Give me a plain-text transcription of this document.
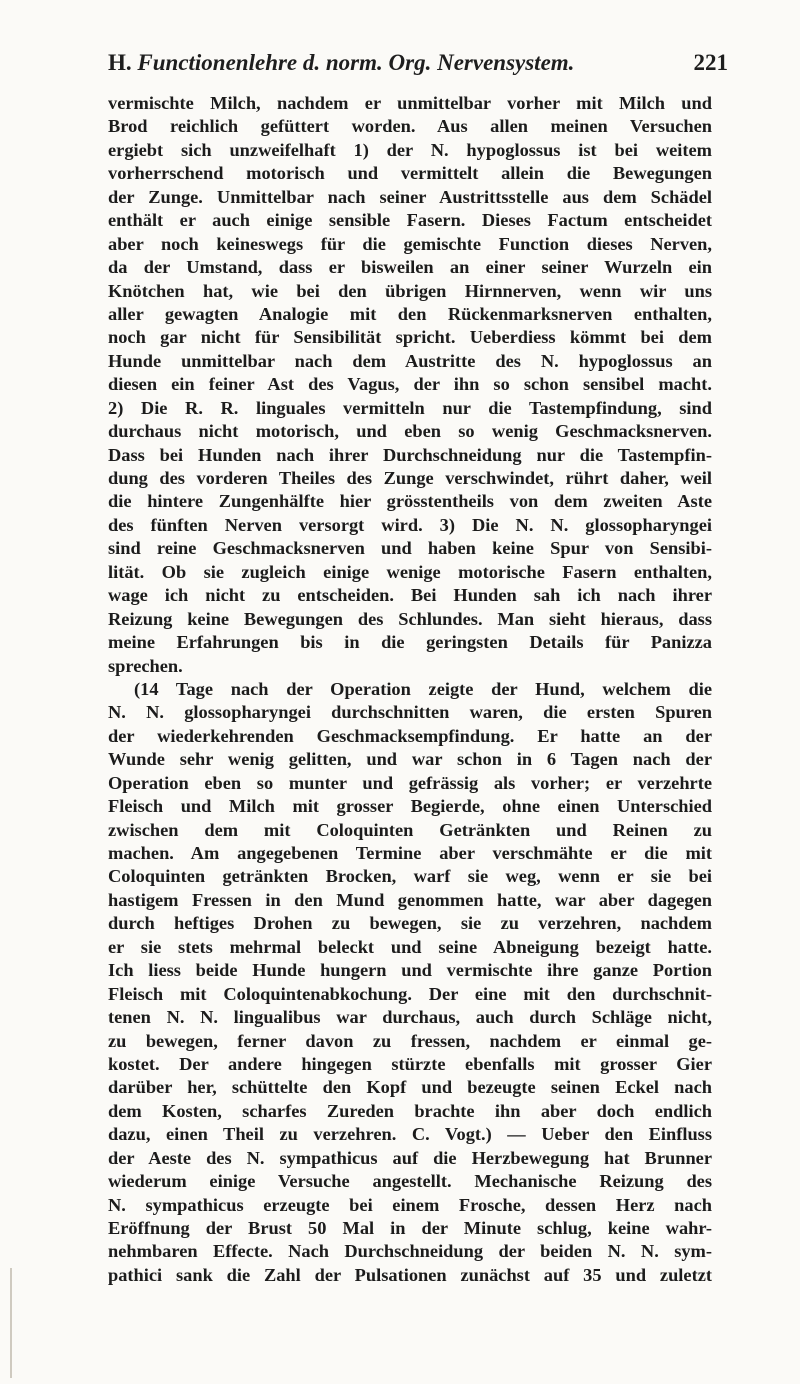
H. Functionenlehre d. norm. Org. Nervensystem.	221
vermischte Milch, nachdem er unmittelbar vorher mit Milch und
Brod reichlich gefüttert worden. Aus allen meinen Versuchen
ergiebt sich unzweifelhaft 1) der N. hypoglossus ist bei weitem
vorherrschend motorisch und vermittelt allein die Bewegungen
der Zunge. Unmittelbar nach seiner Austrittsstelle aus dem Schädel
enthält er auch einige sensible Fasern. Dieses Factum entscheidet
aber noch keineswegs für die gemischte Function dieses Nerven,
da der Umstand, dass er bisweilen an einer seiner Wurzeln ein
Knötchen hat, wie bei den übrigen Hirnnerven, wenn wir uns
aller gewagten Analogie mit den Rückenmarksnerven enthalten,
noch gar nicht für Sensibilität spricht. Ueberdiess kömmt bei dem
Hunde unmittelbar nach dem Austritte des N. hypoglossus an
diesen ein feiner Ast des Vagus, der ihn so schon sensibel macht.
2) Die R. R. linguales vermitteln nur die Tastempfindung, sind
durchaus nicht motorisch, und eben so wenig Geschmacksnerven.
Dass bei Hunden nach ihrer Durchschneidung nur die Tastempfin-
dung des vorderen Theiles des Zunge verschwindet, rührt daher, weil
die hintere Zungenhälfte hier grösstentheils von dem zweiten Aste
des fünften Nerven versorgt wird. 3) Die N. N. glossopharyngei
sind reine Geschmacksnerven und haben keine Spur von Sensibi-
lität. Ob sie zugleich einige wenige motorische Fasern enthalten,
wage ich nicht zu entscheiden. Bei Hunden sah ich nach ihrer
Reizung keine Bewegungen des Schlundes. Man sieht hieraus, dass
meine Erfahrungen bis in die geringsten Details für Panizza
sprechen.
(14 Tage nach der Operation zeigte der Hund, welchem die
N. N. glossopharyngei durchschnitten waren, die ersten Spuren
der wiederkehrenden Geschmacksempfindung. Er hatte an der
Wunde sehr wenig gelitten, und war schon in 6 Tagen nach der
Operation eben so munter und gefrässig als vorher; er verzehrte
Fleisch und Milch mit grosser Begierde, ohne einen Unterschied
zwischen dem mit Coloquinten Getränkten und Reinen zu
machen. Am angegebenen Termine aber verschmähte er die mit
Coloquinten getränkten Brocken, warf sie weg, wenn er sie bei
hastigem Fressen in den Mund genommen hatte, war aber dagegen
durch heftiges Drohen zu bewegen, sie zu verzehren, nachdem
er sie stets mehrmal beleckt und seine Abneigung bezeigt hatte.
Ich liess beide Hunde hungern und vermischte ihre ganze Portion
Fleisch mit Coloquintenabkochung. Der eine mit den durchschnit-
tenen N. N. lingualibus war durchaus, auch durch Schläge nicht,
zu bewegen, ferner davon zu fressen, nachdem er einmal ge-
kostet. Der andere hingegen stürzte ebenfalls mit grosser Gier
darüber her, schüttelte den Kopf und bezeugte seinen Eckel nach
dem Kosten, scharfes Zureden brachte ihn aber doch endlich
dazu, einen Theil zu verzehren. C. Vogt.) — Ueber den Einfluss
der Aeste des N. sympathicus auf die Herzbewegung hat Brunner
wiederum einige Versuche angestellt. Mechanische Reizung des
N. sympathicus erzeugte bei einem Frosche, dessen Herz nach
Eröffnung der Brust 50 Mal in der Minute schlug, keine wahr-
nehmbaren Effecte. Nach Durchschneidung der beiden N. N. sym-
pathici sank die Zahl der Pulsationen zunächst auf 35 und zuletzt
